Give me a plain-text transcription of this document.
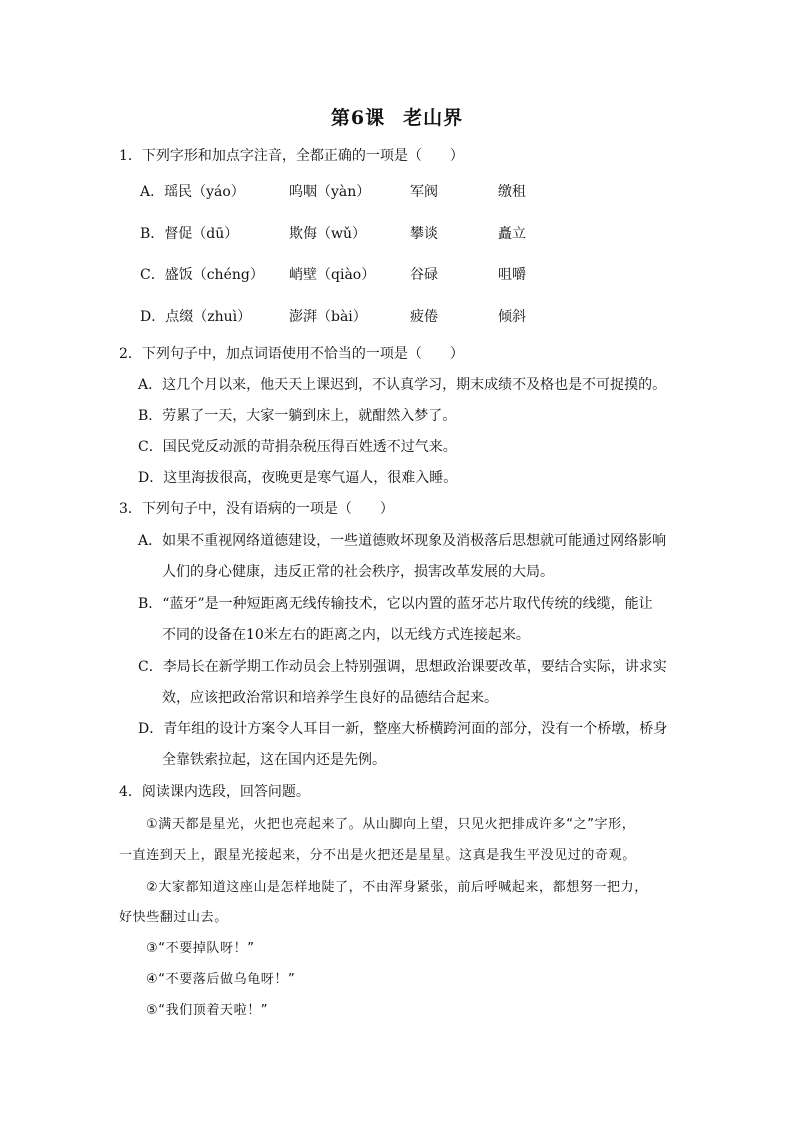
第6课 老山界
1．下列字形和加点字注音，全都正确的一项是（　　）
A．瑶民（yáo）	呜咽（yàn）	军阀	缴租
B．督促（dū）	欺侮（wǔ）	攀谈	矗立
C．盛饭（chéng） 峭壁（qiào） 谷碌	咀嚼
D．点缀（zhuì）	澎湃（bài）	疲倦	倾斜
2．下列句子中，加点词语使用不恰当的一项是（　　）
A．这几个月以来，他天天上课迟到，不认真学习，期末成绩不及格也是不可捉摸的。
B．劳累了一天，大家一躺到床上，就酣然入梦了。
C．国民党反动派的苛捐杂税压得百姓透不过气来。
D．这里海拔很高，夜晚更是寒气逼人，很难入睡。
3．下列句子中，没有语病的一项是（　　）
A．如果不重视网络道德建设，一些道德败坏现象及消极落后思想就可能通过网络影响
人们的身心健康，违反正常的社会秩序，损害改革发展的大局。
B．“蓝牙”是一种短距离无线传输技术，它以内置的蓝牙芯片取代传统的线缆，能让
不同的设备在10米左右的距离之内，以无线方式连接起来。
C．李局长在新学期工作动员会上特别强调，思想政治课要改革，要结合实际，讲求实
效，应该把政治常识和培养学生良好的品德结合起来。
D．青年组的设计方案令人耳目一新，整座大桥横跨河面的部分，没有一个桥墩，桥身
全靠铁索拉起，这在国内还是先例。
4．阅读课内选段，回答问题。
①满天都是星光，火把也亮起来了。从山脚向上望，只见火把排成许多“之”字形，
一直连到天上，跟星光接起来，分不出是火把还是星星。这真是我生平没见过的奇观。
②大家都知道这座山是怎样地陡了，不由浑身紧张，前后呼喊起来，都想努一把力，
好快些翻过山去。
③“不要掉队呀！”
④“不要落后做乌龟呀！”
⑤“我们顶着天啦！”
